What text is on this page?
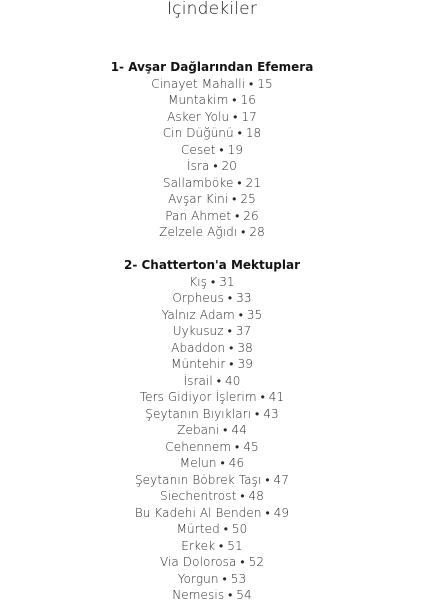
İçindekiler
1- Avşar Dağlarından Efemera
Cinayet Mahalli • 15
Muntakim • 16
Asker Yolu • 17
Cin Düğünü • 18
Ceset • 19
İsra • 20
Sallamböke • 21
Avşar Kini • 25
Pan Ahmet • 26
Zelzele Ağıdı • 28
2- Chatterton'a Mektuplar
Kış • 31
Orpheus • 33
Yalnız Adam • 35
Uykusuz • 37
Abaddon • 38
Müntehir • 39
İsrail • 40
Ters Gidiyor İşlerim • 41
Şeytanın Bıyıkları • 43
Zebani • 44
Cehennem • 45
Melun • 46
Şeytanın Böbrek Taşı • 47
Siechentrost • 48
Bu Kadehi Al Benden • 49
Mürted • 50
Erkek • 51
Via Dolorosa • 52
Yorgun • 53
Nemesis • 54
